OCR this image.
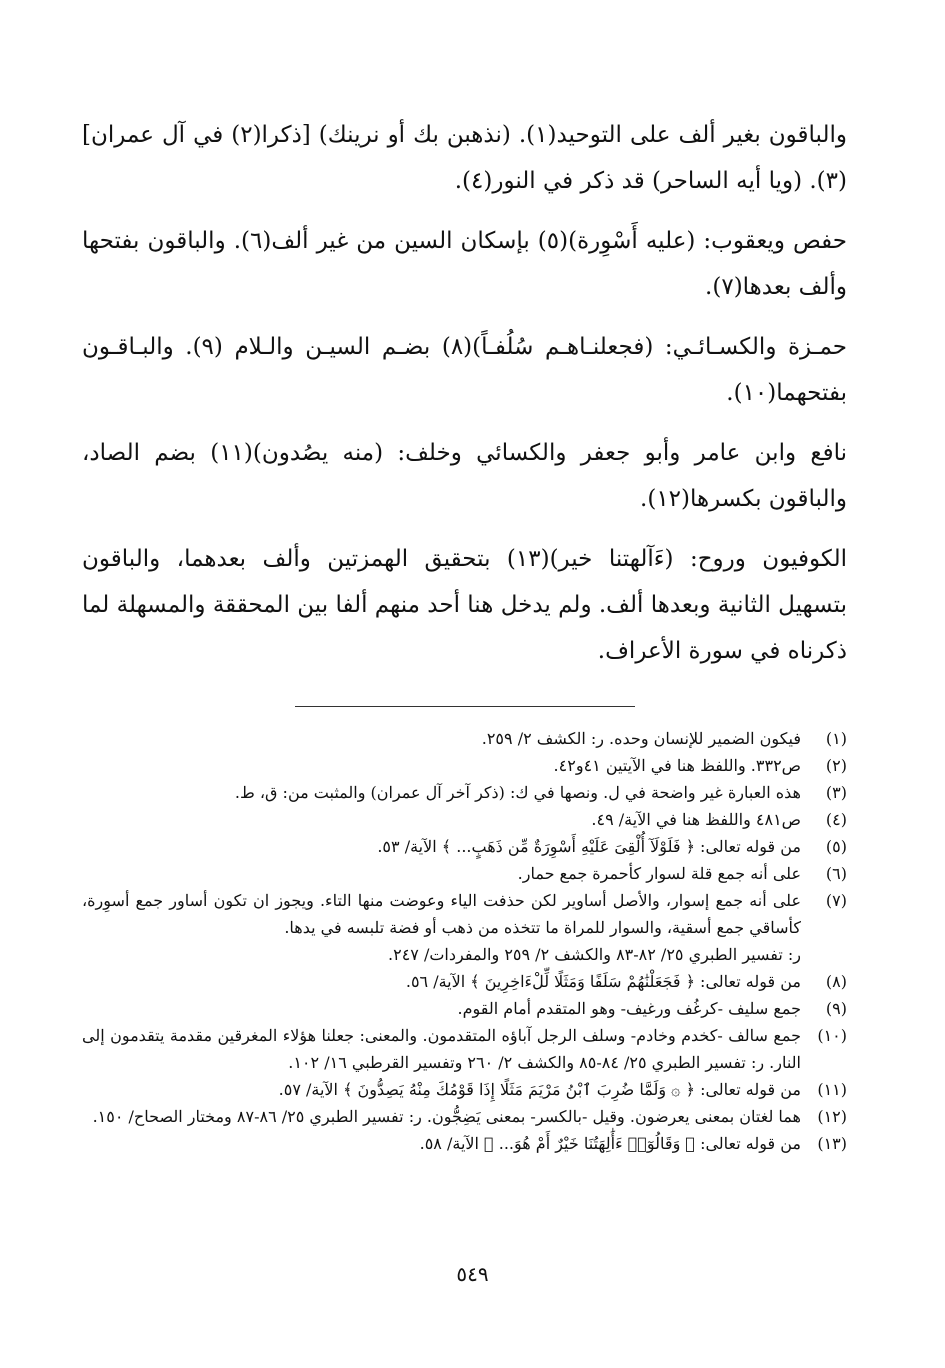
والباقون بغير ألف على التوحيد(١). (نذهبن بك أو نرينك) [ذكرا(٢) في آل عمران](٣). (ويا أيه الساحر) قد ذكر في النور(٤).

حفص ويعقوب: (عليه أَسْوِرة)(٥) بإسكان السين من غير ألف(٦). والباقون بفتحها وألف بعدها(٧).

حمـزة والكسـائـي: (فجعلنـاهـم سُلُفـاً)(٨) بضـم السيـن والـلام (٩). والبـاقـون بفتحهما(١٠).

نافع وابن عامر وأبو جعفر والكسائي وخلف: (منه يصُدون)(١١) بضم الصاد، والباقون بكسرها(١٢).

الكوفيون وروح: (ءَآلهتنا خير)(١٣) بتحقيق الهمزتين وألف بعدهما، والباقون بتسهيل الثانية وبعدها ألف. ولم يدخل هنا أحد منهم ألفا بين المحققة والمسهلة لما ذكرناه في سورة الأعراف.

(١)
فيكون الضمير للإنسان وحده. ر: الكشف ٢/ ٢٥٩.
(٢)
ص٣٣٢. واللفظ هنا في الآيتين ٤١و٤٢.
(٣)
هذه العبارة غير واضحة في ل. ونصها في ك: (ذكر آخر آل عمران) والمثبت من: ق، ط.
(٤)
ص٤٨١ واللفظ هنا في الآية/ ٤٩.
(٥)
من قوله تعالى: ﴿ فَلَوْلَآ أُلْقِىَ عَلَيْهِ أَسْوِرَةٌ مِّن ذَهَبٍ... ﴾ الآية/ ٥٣.
(٦)
على أنه جمع قلة لسوار كأحمرة جمع حمار.
(٧)
على أنه جمع إسوار، والأصل أساوير لكن حذفت الياء وعوضت منها التاء. ويجوز ان تكون أساور جمع أسوِرة، كأساقي جمع أسقية، والسوار للمراة ما تتخذه من ذهب أو فضة تلبسه في يدها.
ر: تفسير الطبري ٢٥/ ٨٢-٨٣ والكشف ٢/ ٢٥٩ والمفردات/ ٢٤٧.
(٨)
من قوله تعالى: ﴿ فَجَعَلْنَٰهُمْ سَلَفًا وَمَثَلًا لِّلْءَاخِرِينَ ﴾ الآية/ ٥٦.
(٩)
جمع سليف -كرغُف ورغيف- وهو المتقدم أمام القوم.
(١٠)
جمع سالف -كخدم وخادم- وسلف الرجل آباؤه المتقدمون. والمعنى: جعلنا هؤلاء المغرقين مقدمة يتقدمون إلى النار. ر: تفسير الطبري ٢٥/ ٨٤-٨٥ والكشف ٢/ ٢٦٠ وتفسير القرطبي ١٦/ ١٠٢.
(١١)
من قوله تعالى: ﴿ ۞ وَلَمَّا ضُرِبَ ٱبْنُ مَرْيَمَ مَثَلًا إِذَا قَوْمُكَ مِنْهُ يَصِدُّونَ ﴾ الآية/ ٥٧.
(١٢)
هما لغتان بمعنى يعرضون. وقيل -بالكسر- بمعنى يَضِجُّون. ر: تفسير الطبري ٢٥/ ٨٦-٨٧ ومختار الصحاح/ ١٥٠.
(١٣)
من قوله تعالى: ﴿ وَقَالُوٓا۟ ءَأَٰلِهَتُنَا خَيْرٌ أَمْ هُوَ... ﴾ الآية/ ٥٨.
٥٤٩
